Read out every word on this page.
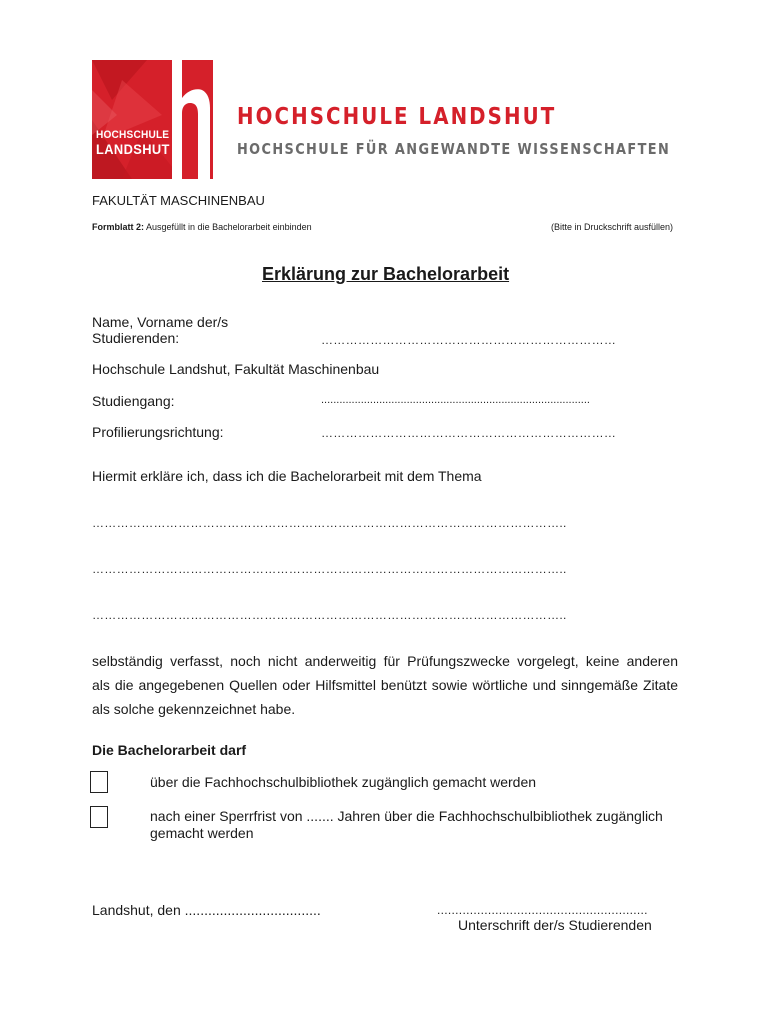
HOCHSCHULE
LANDSHUT
HOCHSCHULE LANDSHUT
HOCHSCHULE FÜR ANGEWANDTE WISSENSCHAFTEN
FAKULTÄT MASCHINENBAU
Formblatt 2: Ausgefüllt in die Bachelorarbeit einbinden	(Bitte in Druckschrift ausfüllen)
Erklärung zur Bachelorarbeit
Name, Vorname der/s
Studierenden:	………………………………………………………………
Hochschule Landshut, Fakultät Maschinenbau
Studiengang:	........................................................................................
Profilierungsrichtung:	………………………………………………………………
Hiermit erkläre ich, dass ich die Bachelorarbeit mit dem Thema
……………………………………………………………………………………………………..
……………………………………………………………………………………………………..
……………………………………………………………………………………………………..
selbständig verfasst, noch nicht anderweitig für Prüfungszwecke vorgelegt, keine anderen
als die angegebenen Quellen oder Hilfsmittel benützt sowie wörtliche und sinngemäße Zitate
als solche gekennzeichnet habe.
Die Bachelorarbeit darf
über die Fachhochschulbibliothek zugänglich gemacht werden
nach einer Sperrfrist von ....... Jahren über die Fachhochschulbibliothek zugänglich
gemacht werden
Landshut, den ...................................	..........................................................
Unterschrift der/s Studierenden
